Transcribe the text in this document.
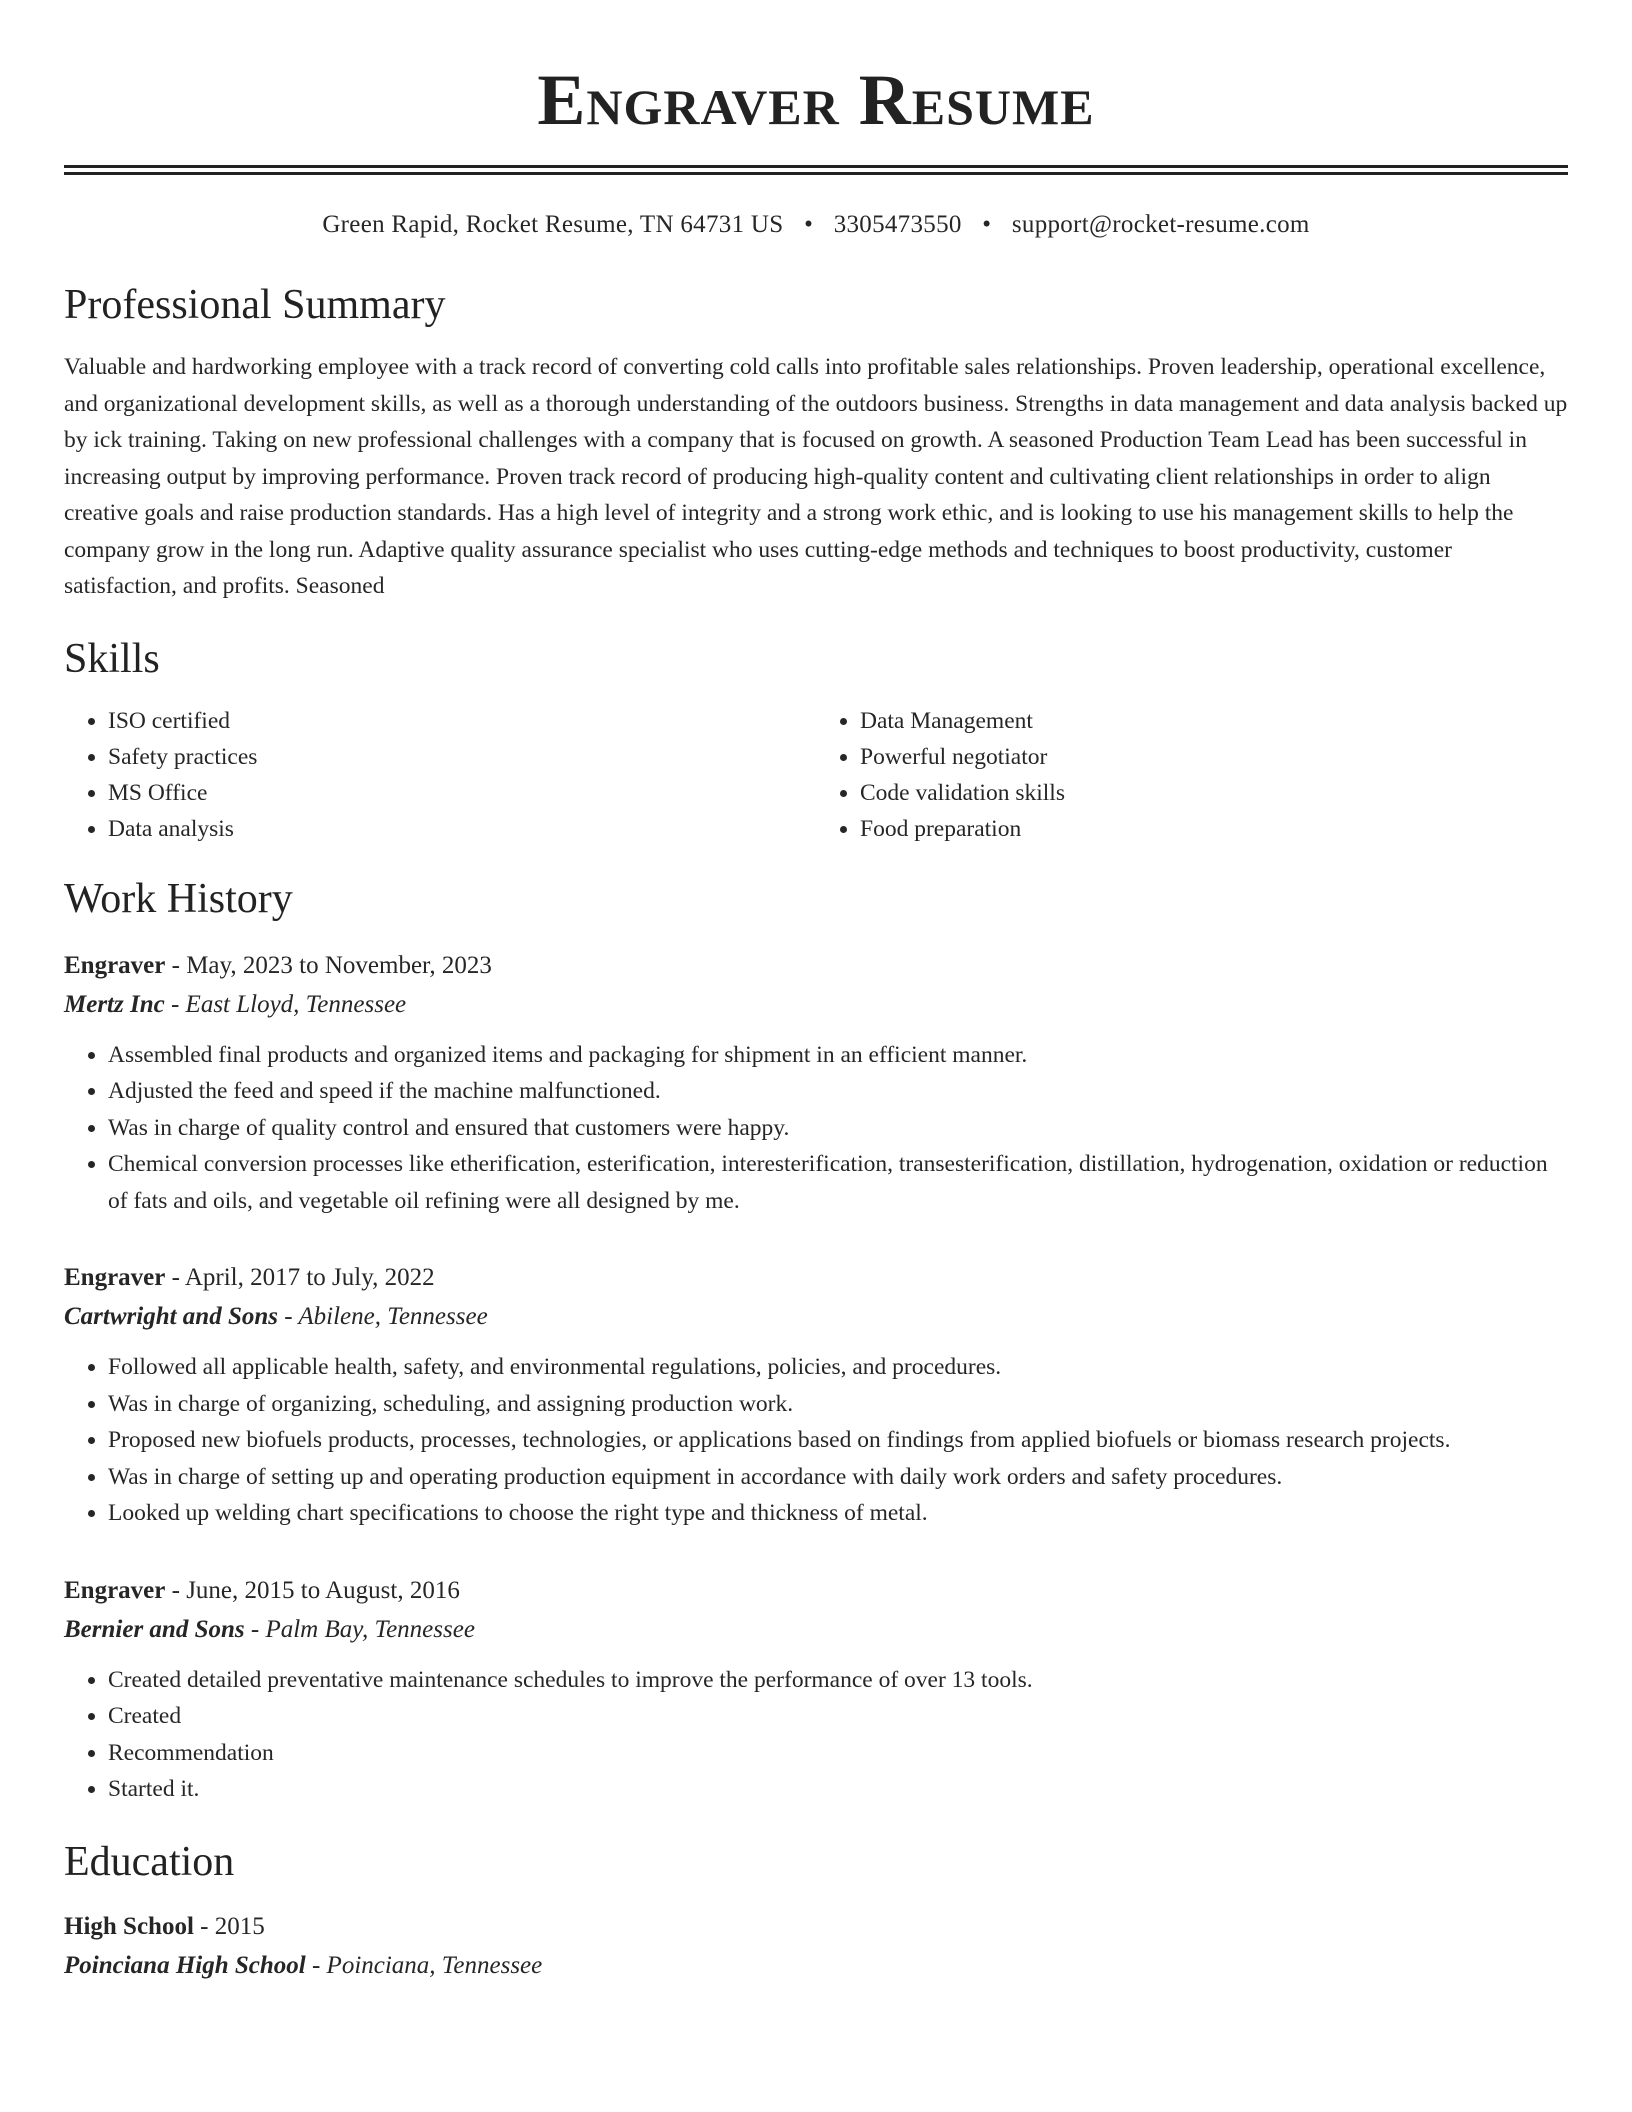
Engraver Resume
Green Rapid, Rocket Resume, TN 64731 US • 3305473550 • support@rocket-resume.com
Professional Summary

Valuable and hardworking employee with a track record of converting cold calls into profitable sales relationships. Proven leadership, operational excellence, and organizational development skills, as well as a thorough understanding of the outdoors business. Strengths in data management and data analysis backed up by ick training. Taking on new professional challenges with a company that is focused on growth. A seasoned Production Team Lead has been successful in increasing output by improving performance. Proven track record of producing high-quality content and cultivating client relationships in order to align creative goals and raise production standards. Has a high level of integrity and a strong work ethic, and is looking to use his management skills to help the company grow in the long run. Adaptive quality assurance specialist who uses cutting-edge methods and techniques to boost productivity, customer satisfaction, and profits. Seasoned

Skills
• ISO certified
• Safety practices
• MS Office
• Data analysis
• Data Management
• Powerful negotiator
• Code validation skills
• Food preparation
Work History
Engraver - May, 2023 to November, 2023
Mertz Inc - East Lloyd, Tennessee
• Assembled final products and organized items and packaging for shipment in an efficient manner.
• Adjusted the feed and speed if the machine malfunctioned.
• Was in charge of quality control and ensured that customers were happy.
• Chemical conversion processes like etherification, esterification, interesterification, transesterification, distillation, hydrogenation, oxidation or reduction of fats and oils, and vegetable oil refining were all designed by me.
Engraver - April, 2017 to July, 2022
Cartwright and Sons - Abilene, Tennessee
• Followed all applicable health, safety, and environmental regulations, policies, and procedures.
• Was in charge of organizing, scheduling, and assigning production work.
• Proposed new biofuels products, processes, technologies, or applications based on findings from applied biofuels or biomass research projects.
• Was in charge of setting up and operating production equipment in accordance with daily work orders and safety procedures.
• Looked up welding chart specifications to choose the right type and thickness of metal.
Engraver - June, 2015 to August, 2016
Bernier and Sons - Palm Bay, Tennessee
• Created detailed preventative maintenance schedules to improve the performance of over 13 tools.
• Created
• Recommendation
• Started it.
Education
High School - 2015
Poinciana High School - Poinciana, Tennessee
